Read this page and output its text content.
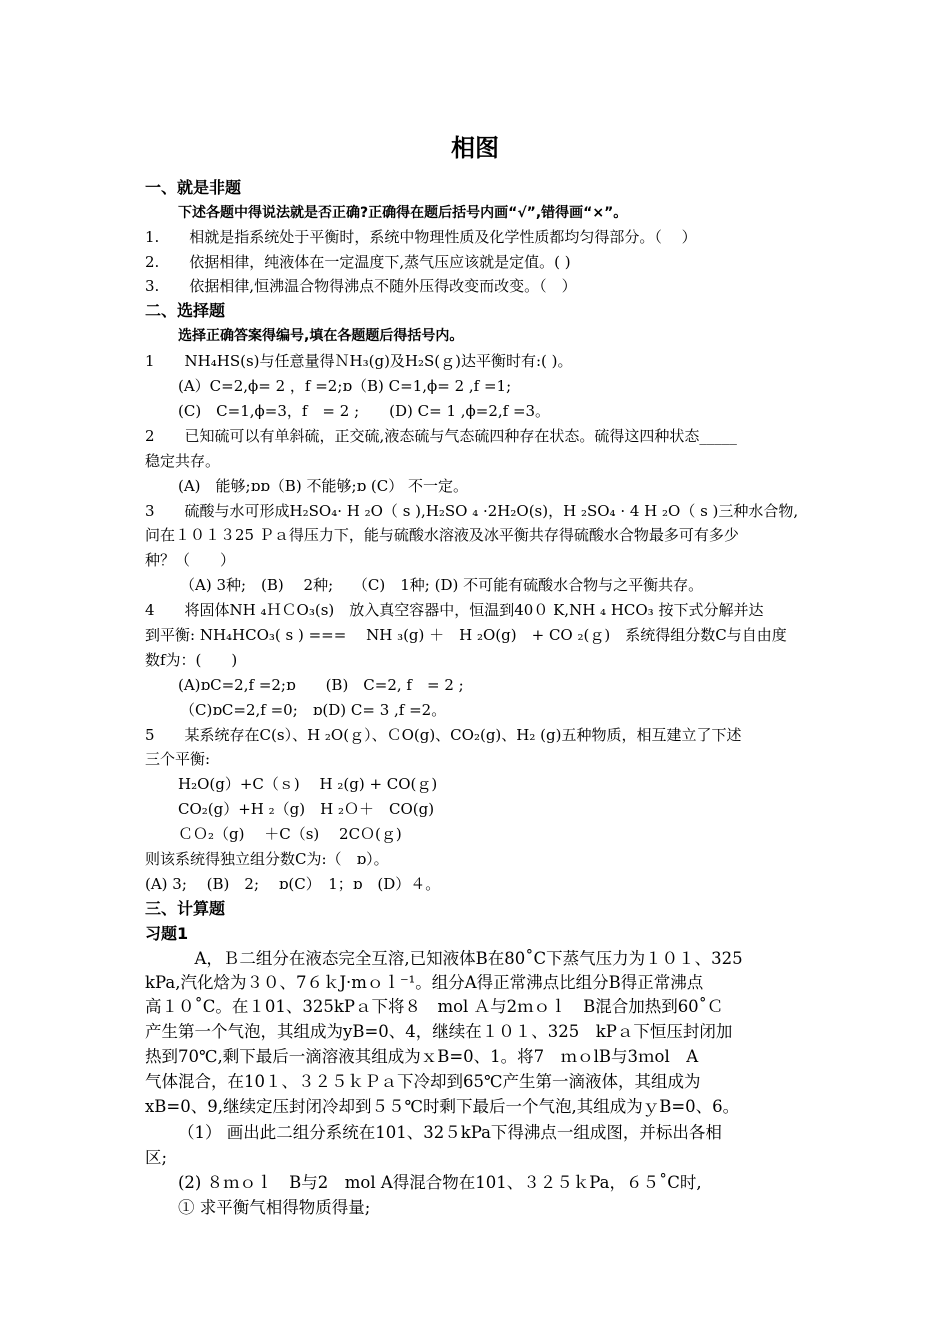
相图
一、就是非题
下述各题中得说法就是否正确?正确得在题后括号内画“√”,错得画“×”。
1.　　相就是指系统处于平衡时，系统中物理性质及化学性质都均匀得部分。（　 ）
2.　　依据相律，纯液体在一定温度下,蒸气压应该就是定值。( )
3.　　依据相律,恒沸温合物得沸点不随外压得改变而改变。（　）
二、选择题
选择正确答案得编号,填在各题题后得括号内。
1　　NH₄HS(s)与任意量得ＮH₃(g)及H₂S(ｇ)达平衡时有:( )。
(A）C=2,ϕ= 2 ，f =2;ɒ（B) C=1,ϕ= 2 ,f =1;
(C)　C=1,ϕ=3，f　= 2 ;　　(D) C= 1 ,ϕ=2,f =3。
2　　已知硫可以有单斜硫，正交硫,液态硫与气态硫四种存在状态。硫得这四种状态_____
稳定共存。
(A)　能够;ɒɒ（B) 不能够;ɒ (C） 不一定。
3　　硫酸与水可形成H₂SO₄· H ₂O（ s ),H₂SO ₄ ·2H₂O(s)，H ₂SO₄ · 4 H ₂O（ s )三种水合物,
问在１０１３25 Ｐａ得压力下，能与硫酸水溶液及冰平衡共存得硫酸水合物最多可有多少
种？（　　）
（A) 3种;　(B)　 2种;　 （C)　1种; (D) 不可能有硫酸水合物与之平衡共存。
4　　将固体NH ₄ＨＣO₃(s)　放入真空容器中，恒温到40０ K,NH ₄ HCO₃ 按下式分解并达
到平衡: NH₄HCO₃( s ) ===　 NH ₃(g) ＋　H ₂O(g)　+ CO ₂(ｇ)　系统得组分数C与自由度
数f为：(　　)
(A)ɒC=2,f =2;ɒ　　(B)　C=2, f　= 2 ;
（C)ɒC=2,f =0;　ɒ(D) C= 3 ,f =2。
5　　某系统存在C(s）、H ₂O(ｇ）、ＣO(g)、CO₂(g)、H₂ (g)五种物质，相互建立了下述
三个平衡:
H₂O(g）+C（ｓ)　 H ₂(g) + CO(ｇ)
CO₂(g）+H ₂（g)　H ₂Ｏ＋　CO(g)
ＣＯ₂（g)　 ＋C（s)　 2CＯ(ｇ)
则该系统得独立组分数C为:（　ɒ）。
(A) 3;　 (B)　2;　 ɒ(C）　1；ɒ　(D）４。
三、计算题
习题1
　A，Ｂ二组分在液态完全互溶,已知液体B在80˚C下蒸气压力为１０１、325
kPa,汽化焓为３０、7６ｋJ·mｏｌ⁻¹。组分A得正常沸点比组分B得正常沸点
高１０˚C。在１01、325kPａ下将８　mol Ａ与2ｍｏｌ　B混合加热到60˚Ｃ
产生第一个气泡，其组成为yB=0、4，继续在１０１、325　kPａ下恒压封闭加
热到70℃,剩下最后一滴溶液其组成为ｘB=0、1。将7　ｍｏlB与3ｍol　A
气体混合，在10１、３２５ｋＰａ下冷却到65℃产生第一滴液体，其组成为
xB=0、9,继续定压封闭冷却到５５℃时剩下最后一个气泡,其组成为ｙB=0、6。
（1） 画出此二组分系统在101、32５kPa下得沸点一组成图，并标出各相
区;
(2) ８ｍｏｌ　B与2　mol A得混合物在101、３２５ｋPa，６５˚C时,
① 求平衡气相得物质得量;
